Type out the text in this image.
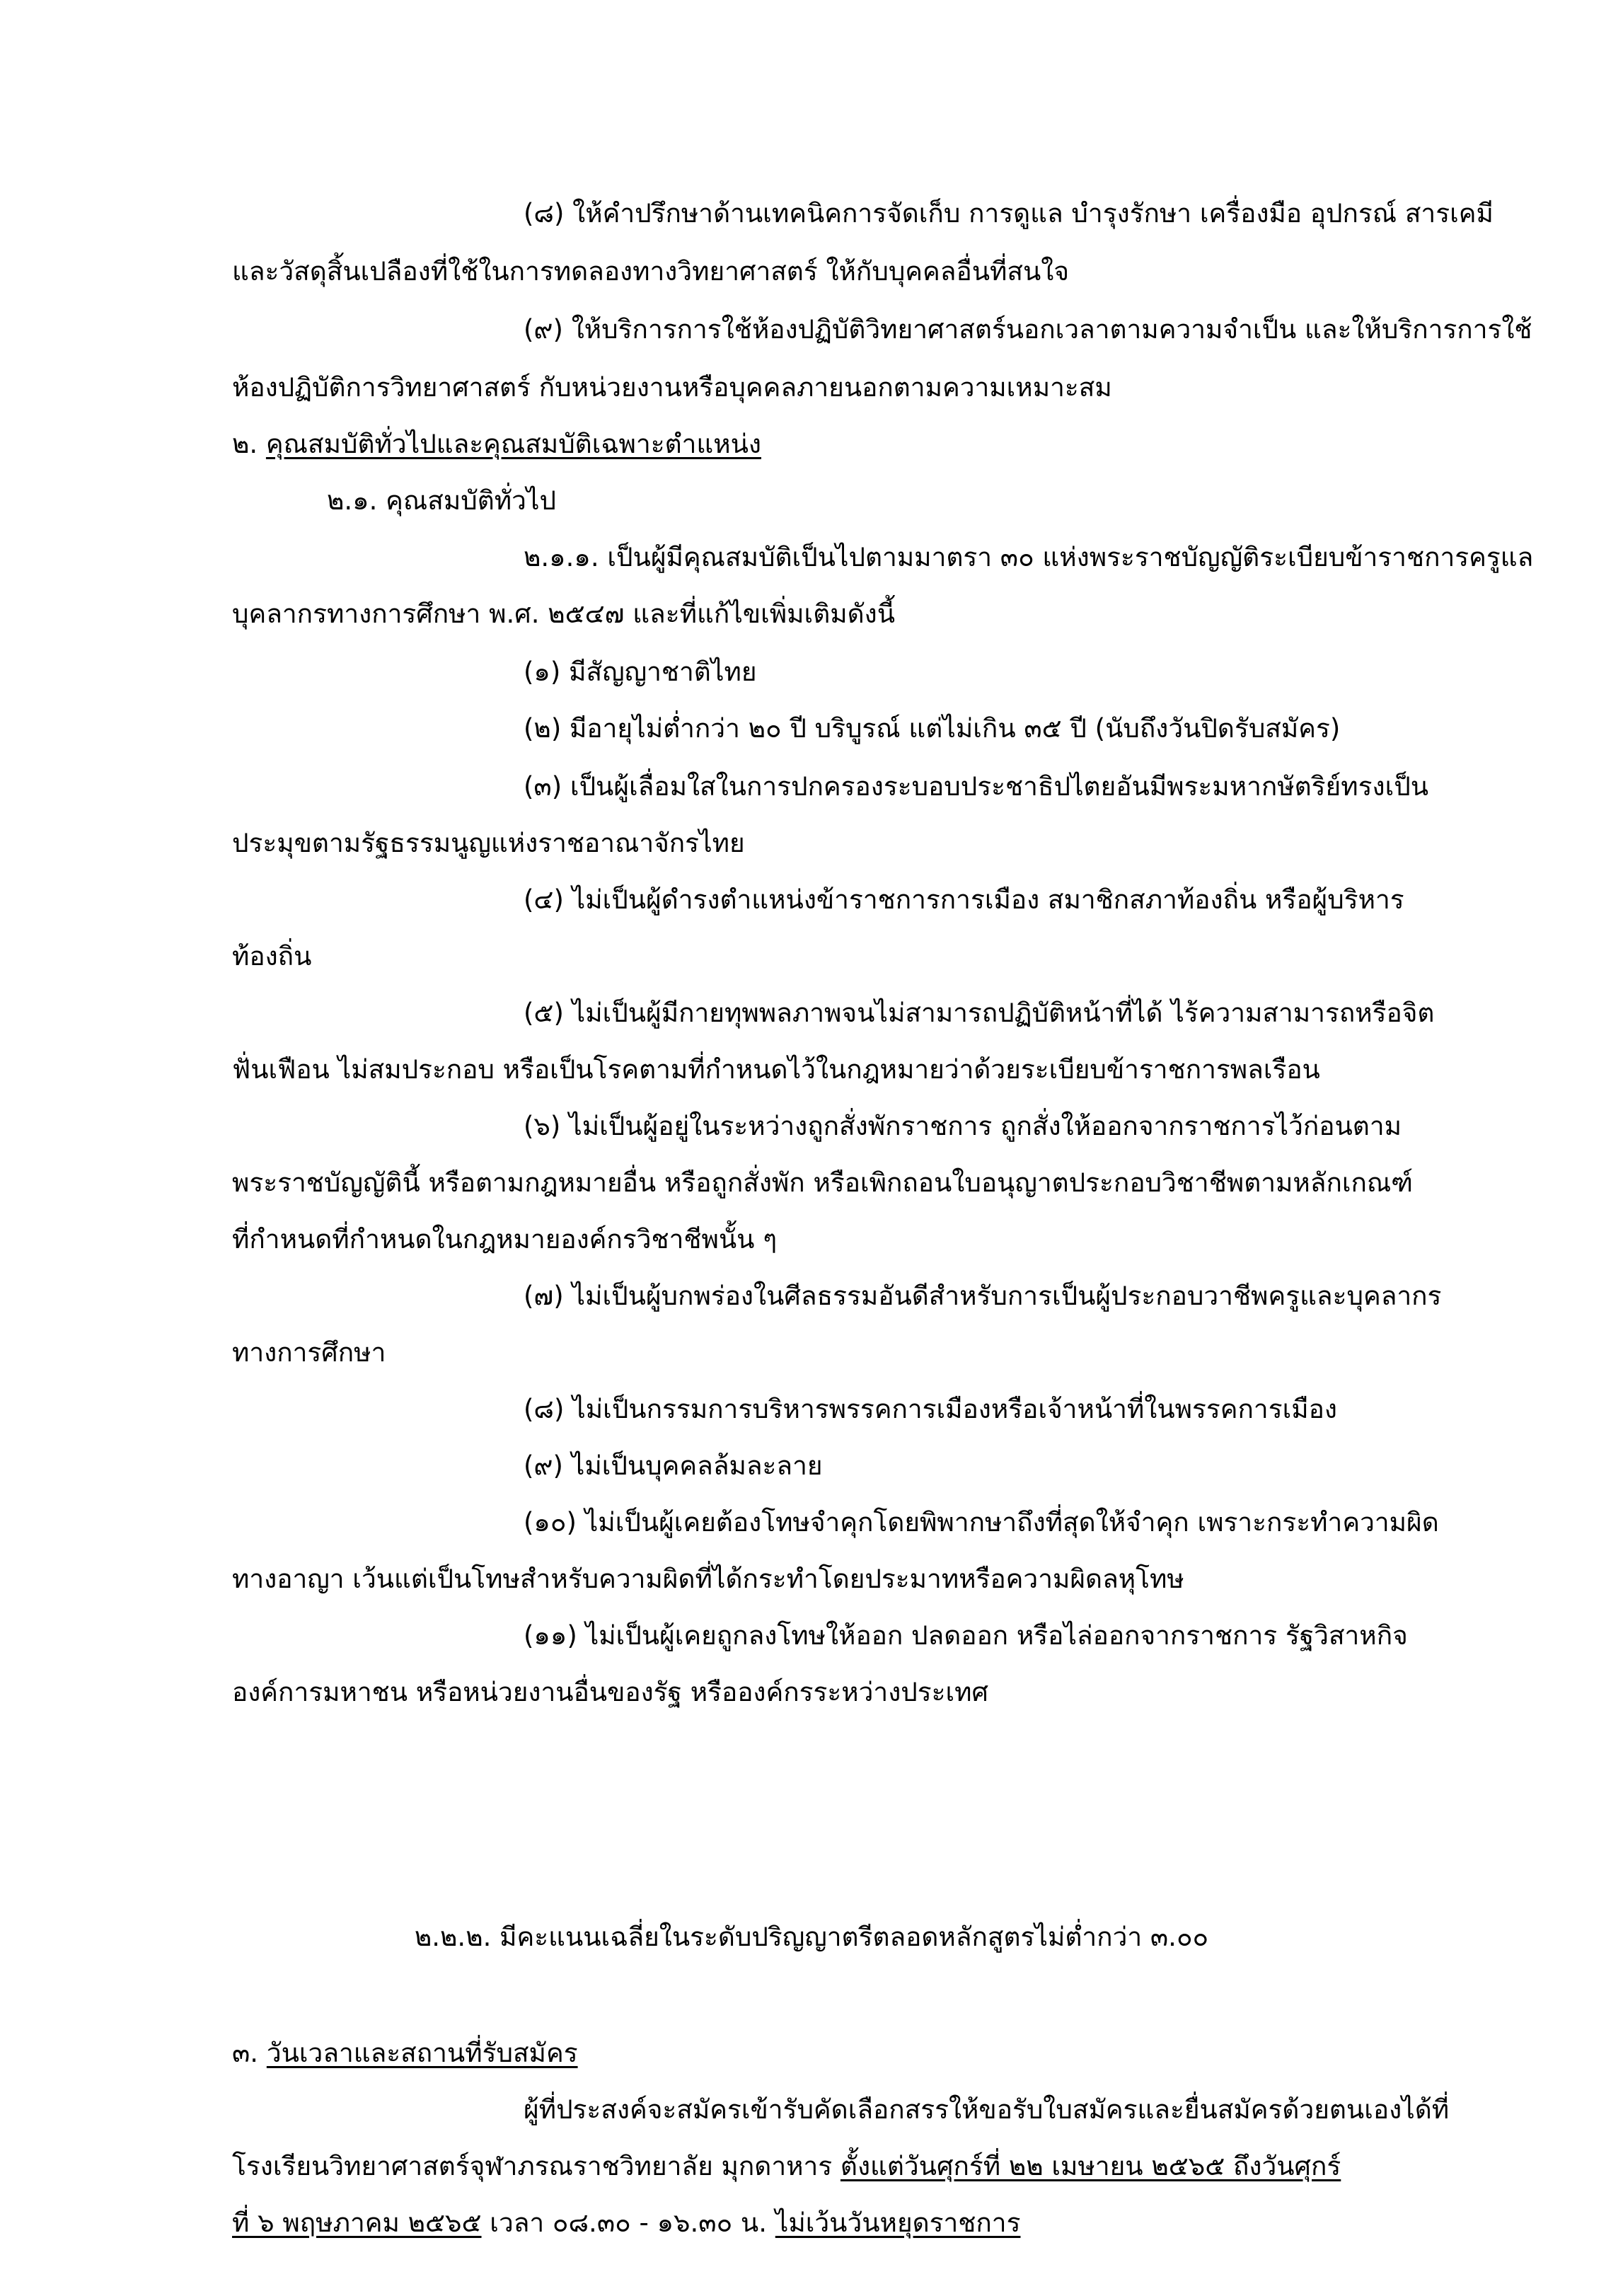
(๘) ให้คำปรึกษาด้านเทคนิคการจัดเก็บ การดูแล บำรุงรักษา เครื่องมือ อุปกรณ์ สารเคมี
และวัสดุสิ้นเปลืองที่ใช้ในการทดลองทางวิทยาศาสตร์ ให้กับบุคคลอื่นที่สนใจ
(๙) ให้บริการการใช้ห้องปฏิบัติวิทยาศาสตร์นอกเวลาตามความจำเป็น และให้บริการการใช้
ห้องปฏิบัติการวิทยาศาสตร์ กับหน่วยงานหรือบุคคลภายนอกตามความเหมาะสม
๒. คุณสมบัติทั่วไปและคุณสมบัติเฉพาะตำแหน่ง
๒.๑. คุณสมบัติทั่วไป
๒.๑.๑. เป็นผู้มีคุณสมบัติเป็นไปตามมาตรา ๓๐ แห่งพระราชบัญญัติระเบียบข้าราชการครูแล
บุคลากรทางการศึกษา พ.ศ. ๒๕๔๗ และที่แก้ไขเพิ่มเติมดังนี้
(๑) มีสัญญาชาติไทย
(๒) มีอายุไม่ต่ำกว่า ๒๐ ปี บริบูรณ์ แต่ไม่เกิน ๓๕ ปี (นับถึงวันปิดรับสมัคร)
(๓) เป็นผู้เลื่อมใสในการปกครองระบอบประชาธิปไตยอันมีพระมหากษัตริย์ทรงเป็น
ประมุขตามรัฐธรรมนูญแห่งราชอาณาจักรไทย
(๔) ไม่เป็นผู้ดำรงตำแหน่งข้าราชการการเมือง สมาชิกสภาท้องถิ่น หรือผู้บริหาร
ท้องถิ่น
(๕) ไม่เป็นผู้มีกายทุพพลภาพจนไม่สามารถปฏิบัติหน้าที่ได้ ไร้ความสามารถหรือจิต
ฟั่นเฟือน ไม่สมประกอบ หรือเป็นโรคตามที่กำหนดไว้ในกฎหมายว่าด้วยระเบียบข้าราชการพลเรือน
(๖) ไม่เป็นผู้อยู่ในระหว่างถูกสั่งพักราชการ ถูกสั่งให้ออกจากราชการไว้ก่อนตาม
พระราชบัญญัตินี้ หรือตามกฎหมายอื่น หรือถูกสั่งพัก หรือเพิกถอนใบอนุญาตประกอบวิชาชีพตามหลักเกณฑ์
ที่กำหนดที่กำหนดในกฎหมายองค์กรวิชาชีพนั้น ๆ
(๗) ไม่เป็นผู้บกพร่องในศีลธรรมอันดีสำหรับการเป็นผู้ประกอบวาชีพครูและบุคลากร
ทางการศึกษา
(๘) ไม่เป็นกรรมการบริหารพรรคการเมืองหรือเจ้าหน้าที่ในพรรคการเมือง
(๙) ไม่เป็นบุคคลล้มละลาย
(๑๐) ไม่เป็นผู้เคยต้องโทษจำคุกโดยพิพากษาถึงที่สุดให้จำคุก เพราะกระทำความผิด
ทางอาญา เว้นแต่เป็นโทษสำหรับความผิดที่ได้กระทำโดยประมาทหรือความผิดลหุโทษ
(๑๑) ไม่เป็นผู้เคยถูกลงโทษให้ออก ปลดออก หรือไล่ออกจากราชการ รัฐวิสาหกิจ
องค์การมหาชน หรือหน่วยงานอื่นของรัฐ หรือองค์กรระหว่างประเทศ
๒.๒.๒. มีคะแนนเฉลี่ยในระดับปริญญาตรีตลอดหลักสูตรไม่ต่ำกว่า ๓.๐๐
๓. วันเวลาและสถานที่รับสมัคร
ผู้ที่ประสงค์จะสมัครเข้ารับคัดเลือกสรรให้ขอรับใบสมัครและยื่นสมัครด้วยตนเองได้ที่
โรงเรียนวิทยาศาสตร์จุฬาภรณราชวิทยาลัย มุกดาหาร ตั้งแต่วันศุกร์ที่ ๒๒ เมษายน ๒๕๖๕ ถึงวันศุกร์
ที่ ๖ พฤษภาคม ๒๕๖๕ เวลา ๐๘.๓๐ - ๑๖.๓๐ น. ไม่เว้นวันหยุดราชการ
